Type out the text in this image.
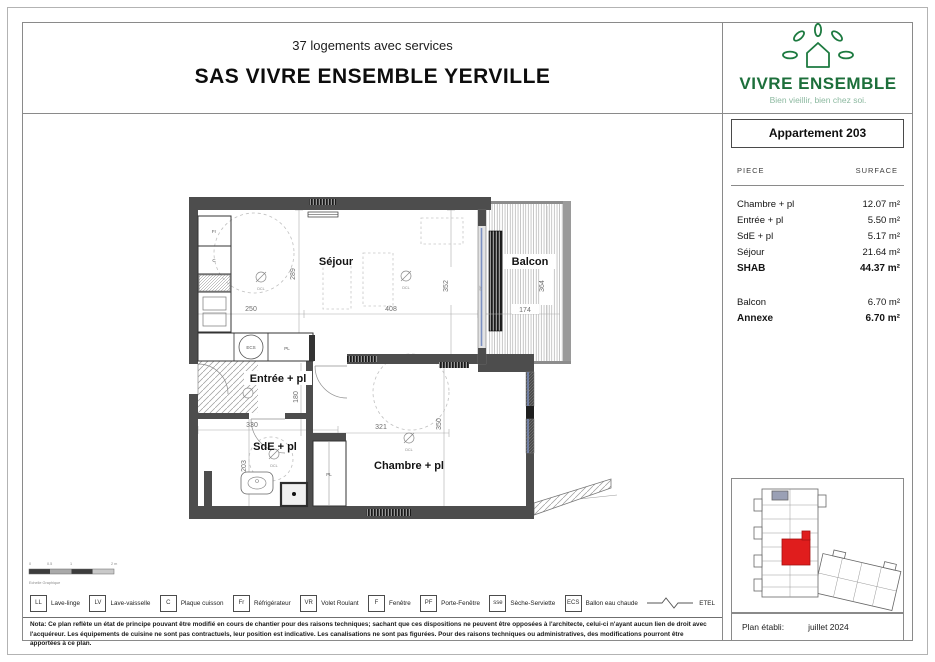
37 logements avec services
SAS VIVRE ENSEMBLE YERVILLE	VIVRE ENSEMBLE
Bien vieillir, bien chez soi.
Séjour	Balcon
Entrée + pl
SdE + pl
Chambre + pl
250	408
289
352
174
364
180
330
203
321	350
Fr
C
ECS	PL
PL
PF
F
F
DCL	DCL
DCL
DCL
0	0.5	1	2 m
Echelle Graphique
LL	Lave-linge	LV	Lave-vaisselle	C	Plaque cuisson	Fr	Réfrigérateur	VR	Volet Roulant	F	Fenêtre	PF	Porte-Fenêtre	sse	Sèche-Serviette	ECS	Ballon eau chaude	ETEL
Nota: Ce plan reflète un état de principe pouvant être modifié en cours de chantier pour des raisons techniques; sachant que ces dispositions ne peuvent être opposées à l'architecte, celui-ci n'ayant aucun lien de droit avec l'acquéreur. Les équipements de cuisine ne sont pas contractuels, leur position est indicative. Les canalisations ne sont pas figurées. Pour des raisons techniques ou administratives, des modifications pourront être apportées à ce plan.
Appartement 203
PIECE	SURFACE
Chambre + pl	12.07 m²
Entrée + pl	5.50 m²
SdE + pl	5.17 m²
Séjour	21.64 m²
SHAB	44.37 m²
Balcon	6.70 m²
Annexe	6.70 m²
Plan établi:	juillet 2024
